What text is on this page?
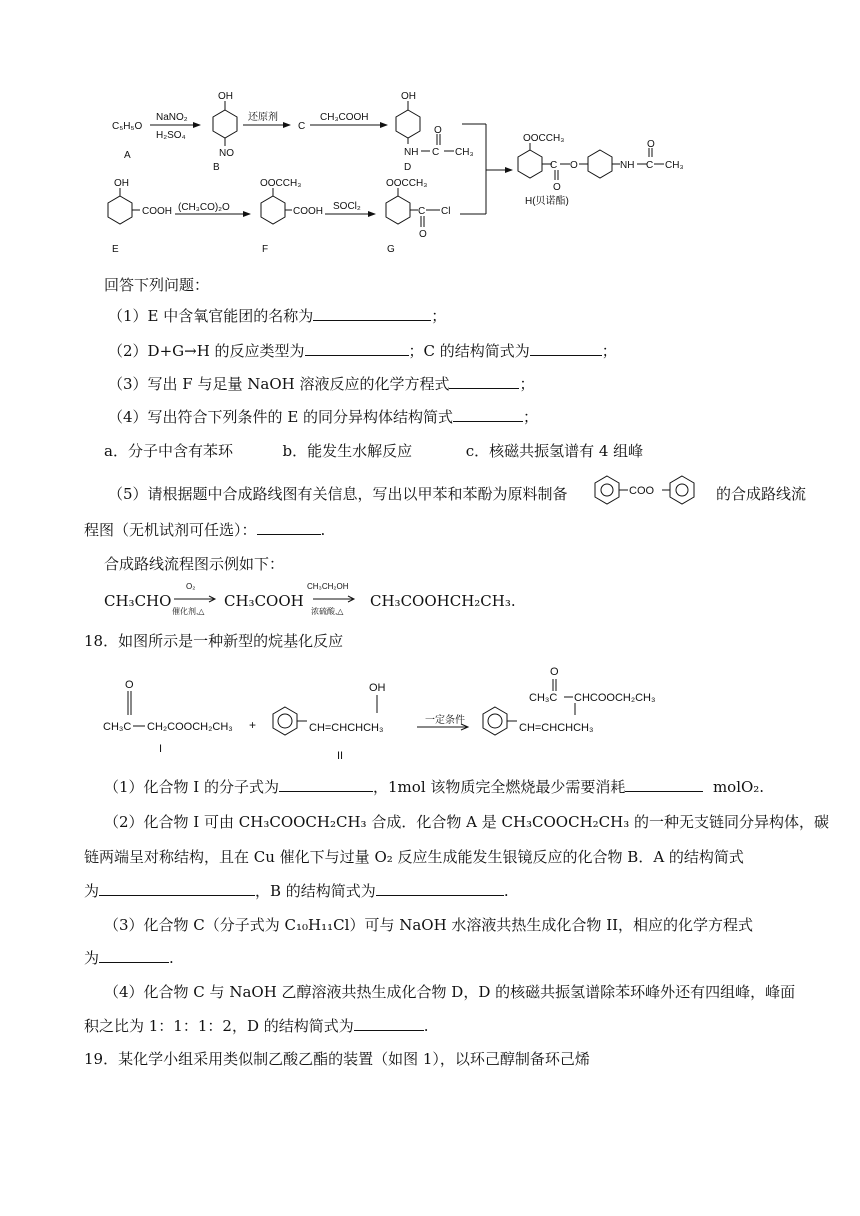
C₅H₅O
A
NaNO₂
H₂SO₄
OH
NO
B
还原剂
C
CH₃COOH
OH
NH C CH₃
O
D
OOCCH₃
C O
O
NH C CH₃
O
H(贝诺酯)
OH
COOH
E
(CH₃CO)₂O
OOCCH₃
COOH
F
SOCl₂
OOCCH₃
C Cl
O
G
回答下列问题：
（1）E 中含氧官能团的名称为	；
（2）D+G→H 的反应类型为	；C 的结构简式为	；
（3）写出 F 与足量 NaOH 溶液反应的化学方程式	；
（4）写出符合下列条件的 E 的同分异构体结构简式	；
a．分子中含有苯环	b．能发生水解反应	c．核磁共振氢谱有 4 组峰
（5）请根据题中合成路线图有关信息，写出以甲苯和苯酚为原料制备	COO	的合成路线流
程图（无机试剂可任选）：	.
合成路线流程图示例如下：
CH₃CHO
O₂
催化剂,△
CH₃COOH
CH₃CH₂OH
浓硫酸,△
CH₃COOHCH₂CH₃.
18．如图所示是一种新型的烷基化反应
O
CH₃C CH₂COOCH₂CH₃
I
+
OH
CH=CHCHCH₃
II
一定条件
O
CH₃C CHCOOCH₂CH₃
CH=CHCHCH₃
（1）化合物 I 的分子式为	，1mol 该物质完全燃烧最少需要消耗	molO₂.
（2）化合物 I 可由 CH₃COOCH₂CH₃ 合成．化合物 A 是 CH₃COOCH₂CH₃ 的一种无支链同分异构体，碳
链两端呈对称结构，且在 Cu 催化下与过量 O₂ 反应生成能发生银镜反应的化合物 B．A 的结构简式
为	，B 的结构简式为	.
（3）化合物 C（分子式为 C₁₀H₁₁Cl）可与 NaOH 水溶液共热生成化合物 II，相应的化学方程式
为	.
（4）化合物 C 与 NaOH 乙醇溶液共热生成化合物 D，D 的核磁共振氢谱除苯环峰外还有四组峰，峰面
积之比为 1：1：1：2，D 的结构简式为	.
19．某化学小组采用类似制乙酸乙酯的装置（如图 1），以环己醇制备环己烯
